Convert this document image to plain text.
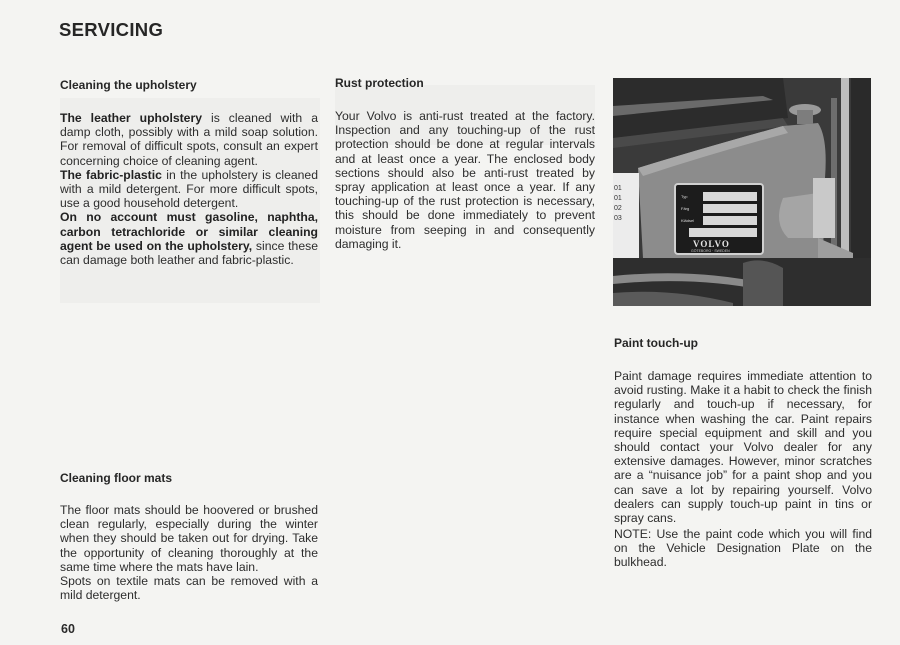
SERVICING
Cleaning the upholstery
The leather upholstery is cleaned with a damp cloth, possibly with a mild soap solution. For removal of difficult spots, consult an expert concerning choice of cleaning agent.
The fabric-plastic in the upholstery is cleaned with a mild detergent. For more difficult spots, use a good household detergent.
On no account must gasoline, naphtha, carbon tetrachloride or similar cleaning agent be used on the upholstery, since these can damage both leather and fabric-plastic.
Cleaning floor mats
The floor mats should be hoovered or brushed clean regularly, especially during the winter when they should be taken out for drying. Take the opportunity of cleaning thoroughly at the same time where the mats have lain.
Spots on textile mats can be removed with a mild detergent.
60
Rust protection
Your Volvo is anti-rust treated at the factory. Inspection and any touching-up of the rust protection should be done at regular intervals and at least once a year. The enclosed body sections should also be anti-rust treated by spray application at least once a year. If any touching-up of the rust protection is necessary, this should be done immediately to prevent moisture from seeping in and consequently damaging it.
01
01
02
03
Typ
Färg
Klädsel
VOLVO
GÖTEBORG · SWEDEN
Paint touch-up
Paint damage requires immediate attention to avoid rusting. Make it a habit to check the finish regularly and touch-up if necessary, for instance when washing the car. Paint repairs require special equipment and skill and you should contact your Volvo dealer for any extensive damages. However, minor scratches are a “nuisance job” for a paint shop and you can save a lot by repairing yourself. Volvo dealers can supply touch-up paint in tins or spray cans.
NOTE: Use the paint code which you will find on the Vehicle Designation Plate on the bulkhead.
